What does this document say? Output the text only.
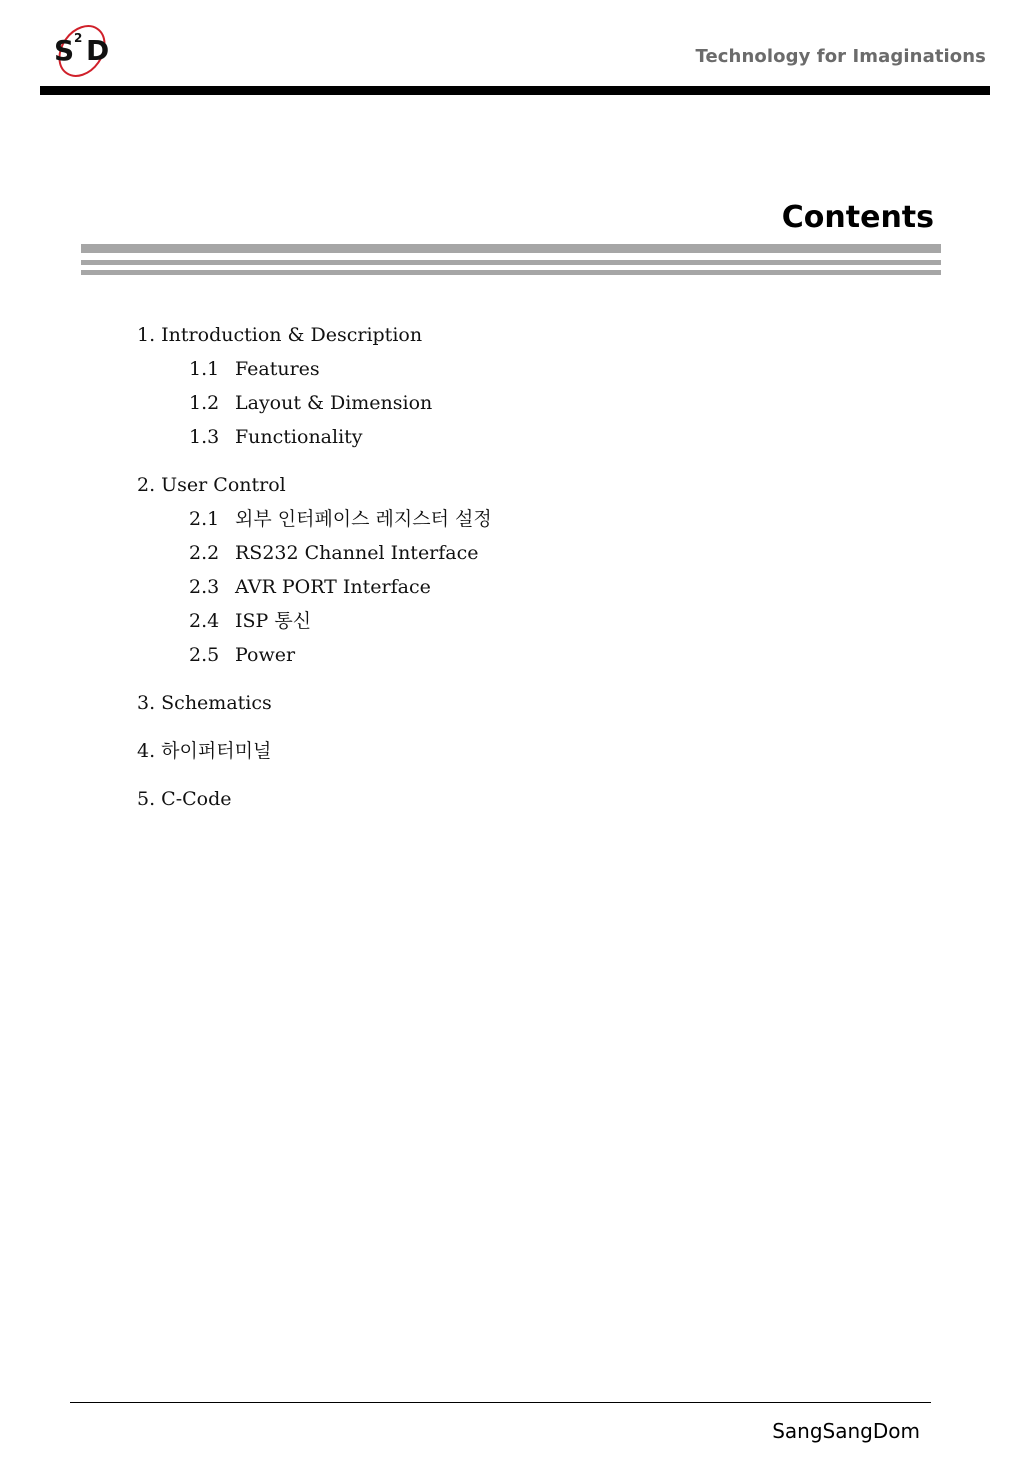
S 2 D	Technology for Imaginations
Contents
1. Introduction & Description
1.1 Features
1.2 Layout & Dimension
1.3 Functionality
2. User Control
2.1 외부 인터페이스 레지스터 설정
2.2 RS232 Channel Interface
2.3 AVR PORT Interface
2.4 ISP 통신
2.5 Power
3. Schematics
4. 하이퍼터미널
5. C-Code
SangSangDom
